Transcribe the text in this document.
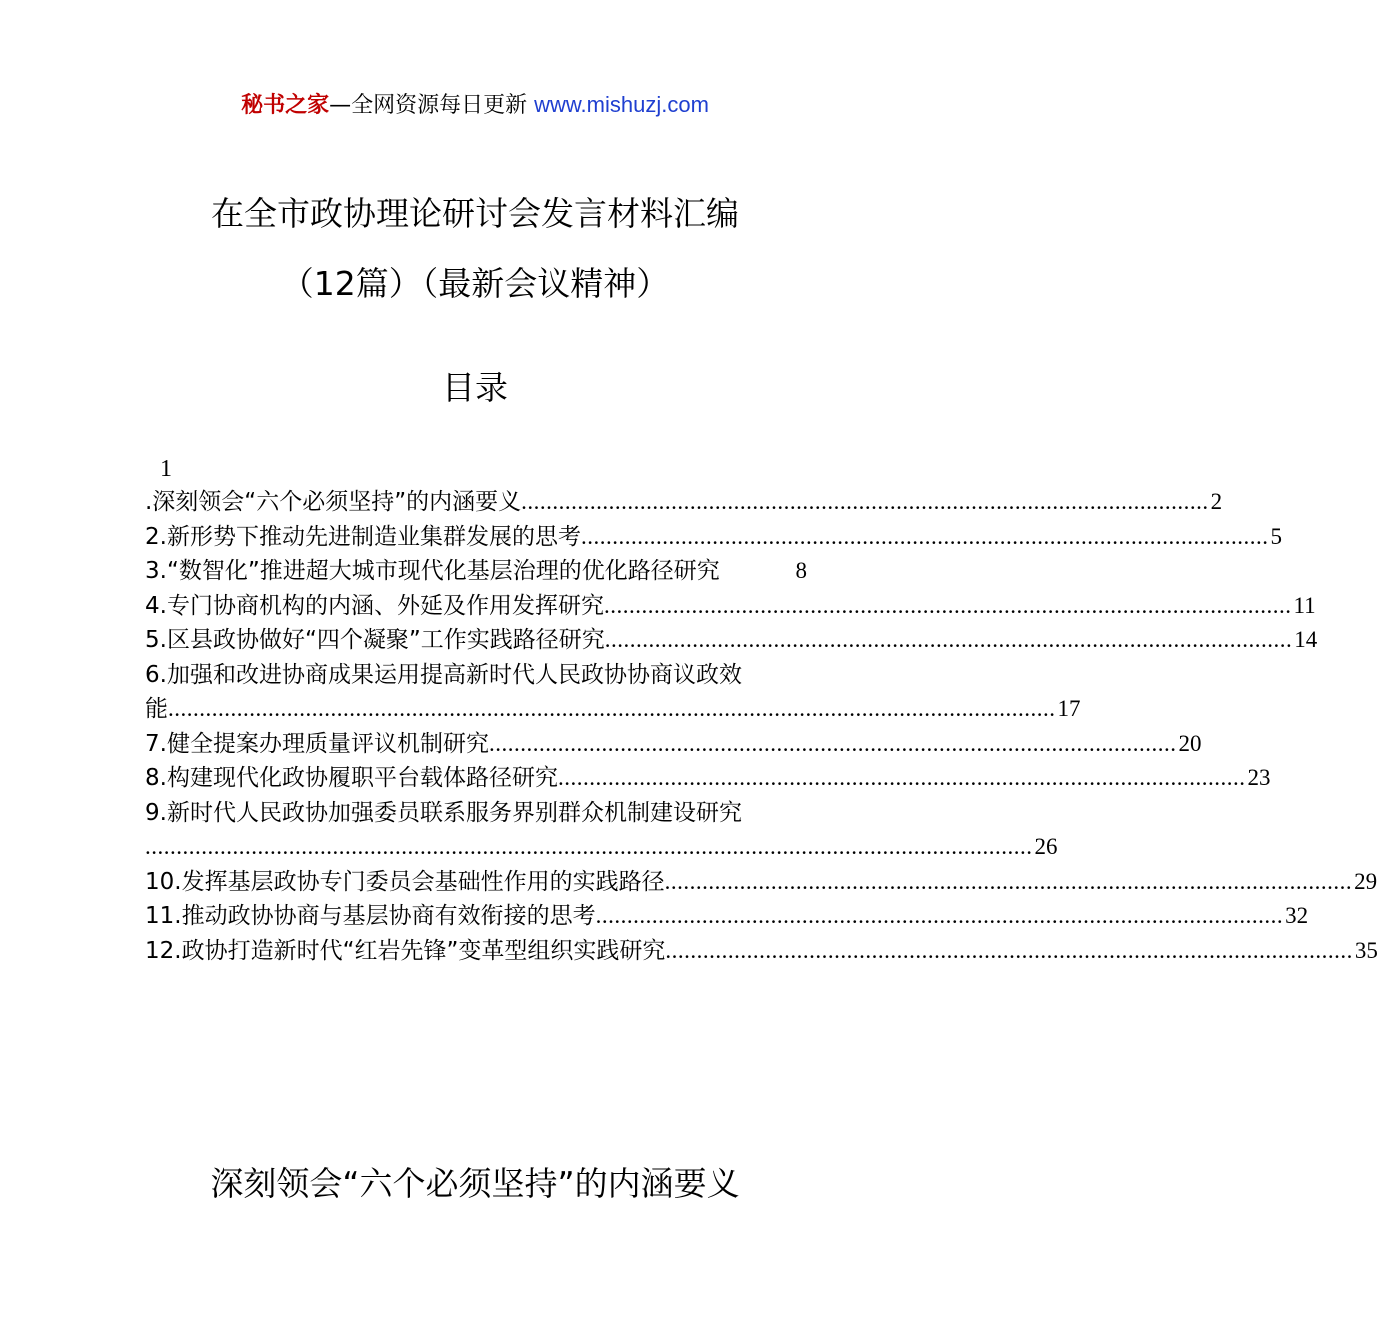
秘书之家—全网资源每日更新 www.mishuzj.com
在全市政协理论研讨会发言材料汇编
（12篇）（最新会议精神）
目录
1
.深刻领会“六个必须坚持”的内涵要义 .............................................................................................................. 2
2.新形势下推动先进制造业集群发展的思考 .............................................................................................................. 5
3.“数智化”推进超大城市现代化基层治理的优化路径研究	8
4.专门协商机构的内涵、外延及作用发挥研究 .............................................................................................................. 11
5.区县政协做好“四个凝聚”工作实践路径研究 .............................................................................................................. 14
6.加强和改进协商成果运用提高新时代人民政协协商议政效
能 .............................................................................................................................................. 17
7.健全提案办理质量评议机制研究 .............................................................................................................. 20
8.构建现代化政协履职平台载体路径研究 .............................................................................................................. 23
9.新时代人民政协加强委员联系服务界别群众机制建设研究
.............................................................................................................................................. 26
10.发挥基层政协专门委员会基础性作用的实践路径 .............................................................................................................. 29
11.推动政协协商与基层协商有效衔接的思考 .............................................................................................................. 32
12.政协打造新时代“红岩先锋”变革型组织实践研究 .............................................................................................................. 35
深刻领会“六个必须坚持”的内涵要义
